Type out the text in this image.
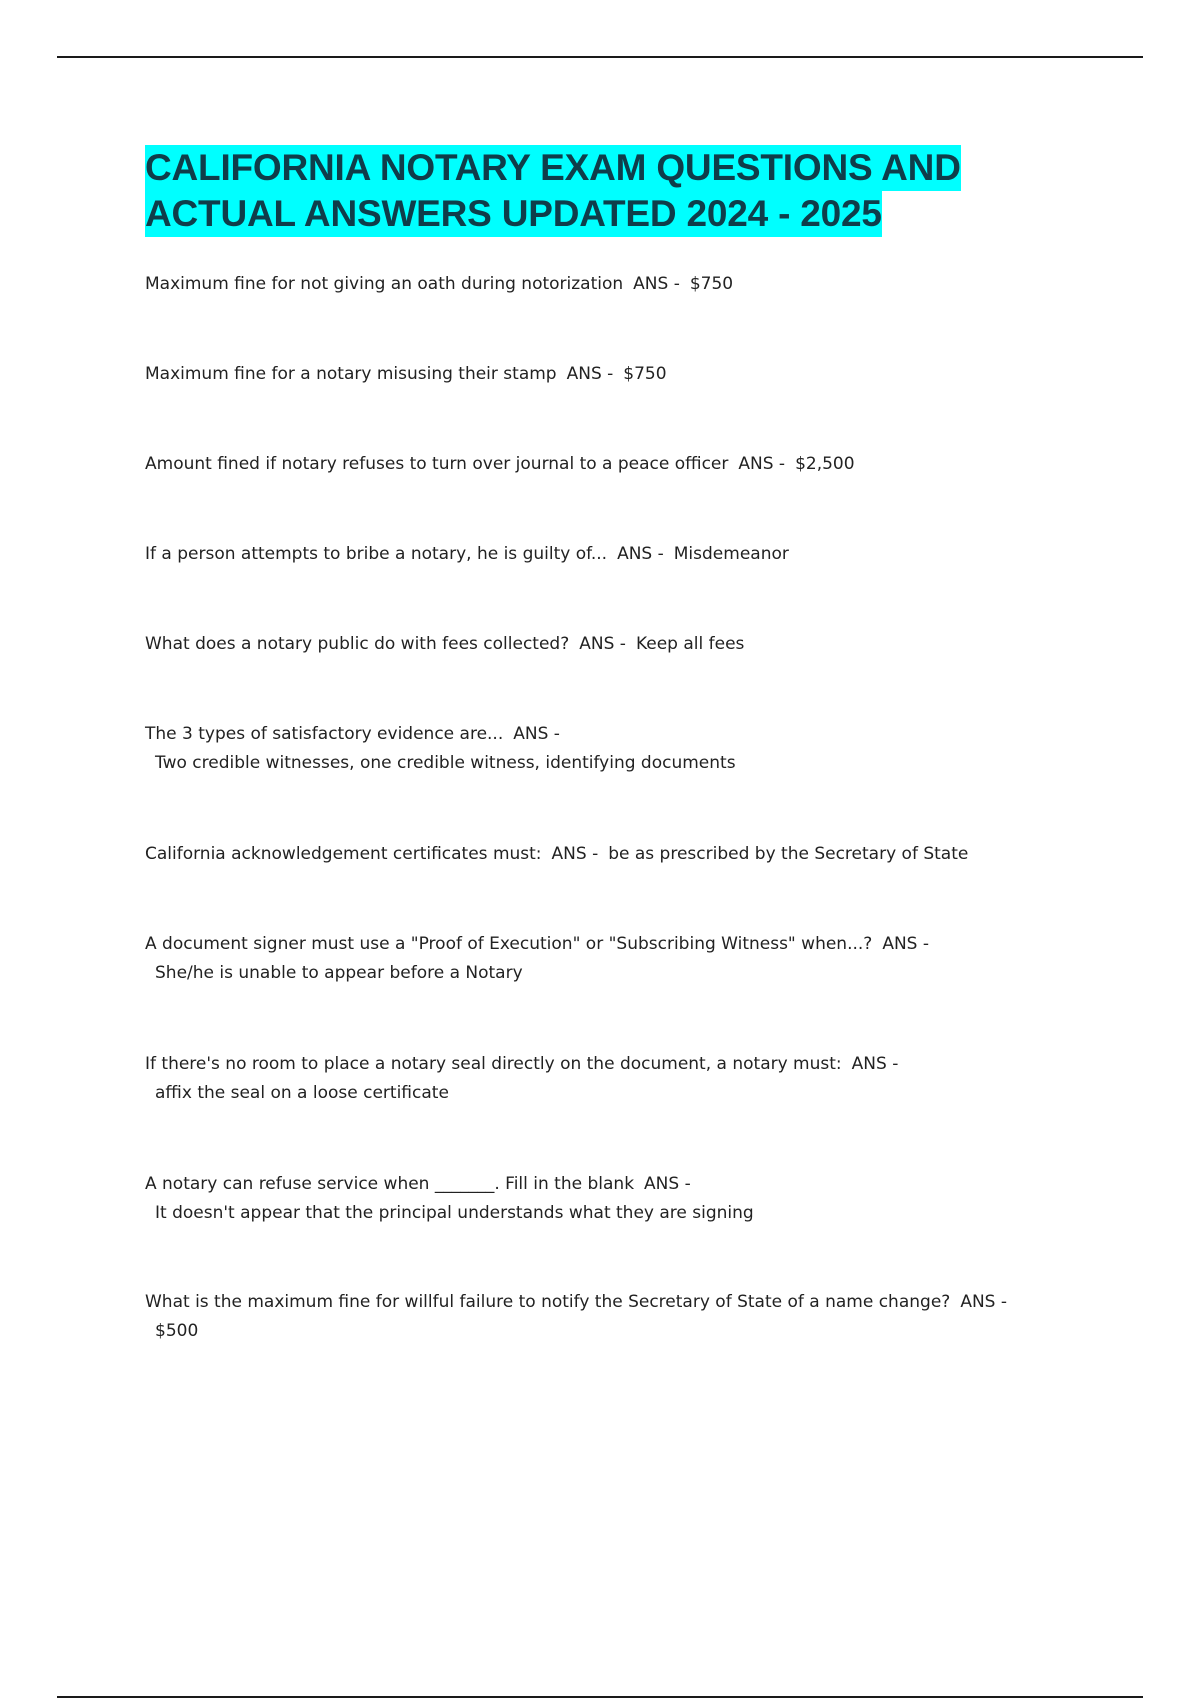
CALIFORNIA NOTARY EXAM QUESTIONS AND
ACTUAL ANSWERS UPDATED 2024 - 2025
Maximum fine for not giving an oath during notorization ANS - $750
Maximum fine for a notary misusing their stamp ANS - $750
Amount fined if notary refuses to turn over journal to a peace officer ANS - $2,500
If a person attempts to bribe a notary, he is guilty of... ANS - Misdemeanor
What does a notary public do with fees collected? ANS - Keep all fees
The 3 types of satisfactory evidence are... ANS -
Two credible witnesses, one credible witness, identifying documents
California acknowledgement certificates must: ANS - be as prescribed by the Secretary of State
A document signer must use a "Proof of Execution" or "Subscribing Witness" when...? ANS -
She/he is unable to appear before a Notary
If there's no room to place a notary seal directly on the document, a notary must: ANS -
affix the seal on a loose certificate
A notary can refuse service when _______. Fill in the blank ANS -
It doesn't appear that the principal understands what they are signing
What is the maximum fine for willful failure to notify the Secretary of State of a name change? ANS -
$500
